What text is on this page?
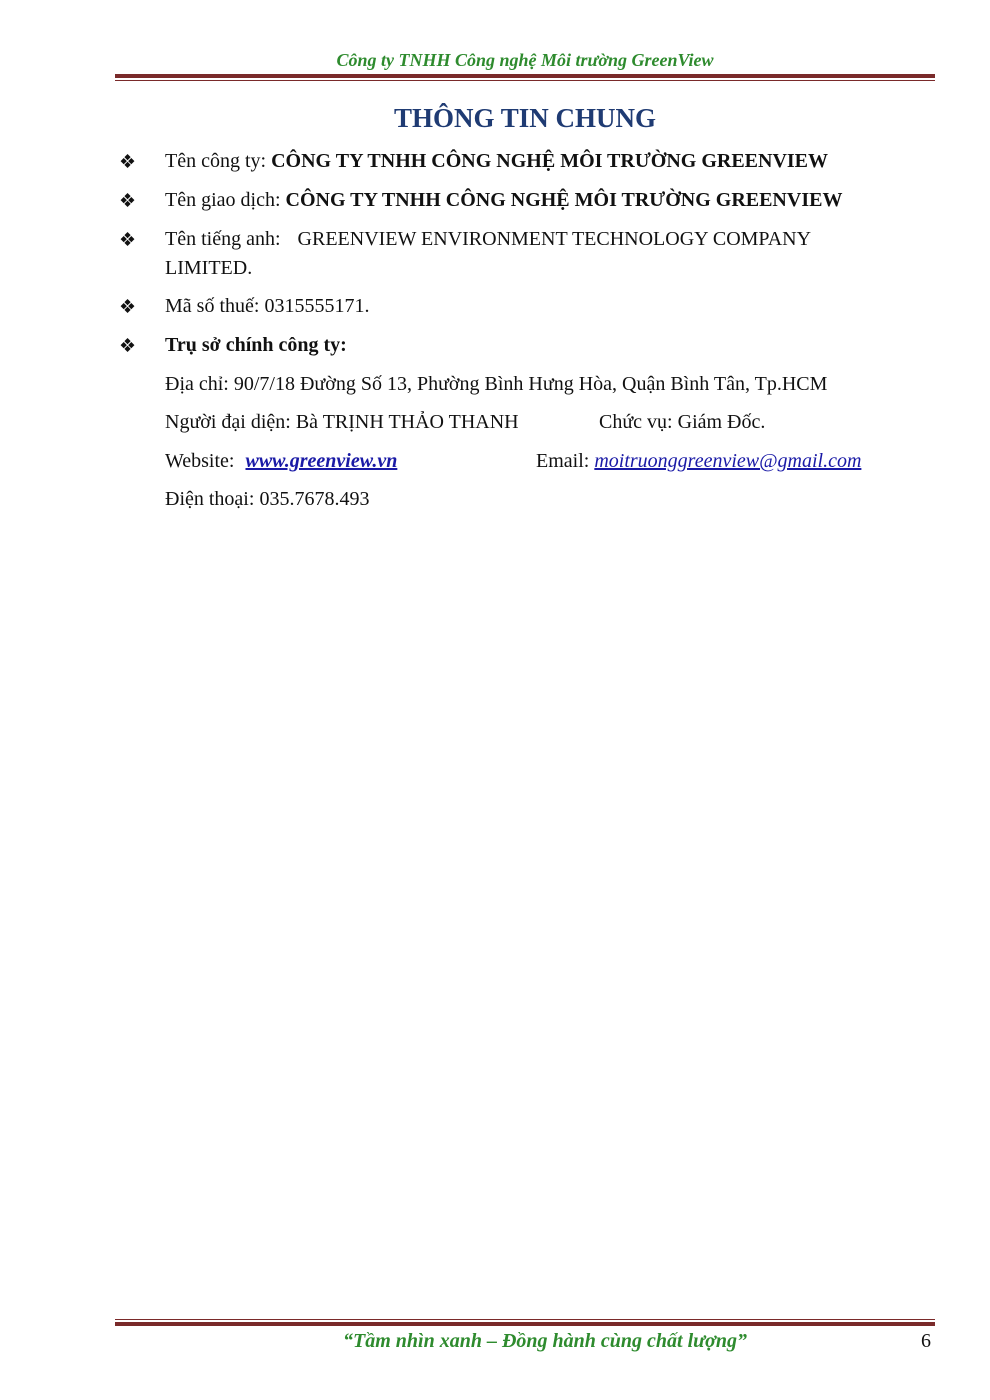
Công ty TNHH Công nghệ Môi trường GreenView
THÔNG TIN CHUNG
❖ Tên công ty: CÔNG TY TNHH CÔNG NGHỆ MÔI TRƯỜNG GREENVIEW
❖ Tên giao dịch: CÔNG TY TNHH CÔNG NGHỆ MÔI TRƯỜNG GREENVIEW
❖ Tên tiếng anh: GREENVIEW ENVIRONMENT TECHNOLOGY COMPANY
LIMITED.
❖ Mã số thuế: 0315555171.
❖ Trụ sở chính công ty:
Địa chỉ: 90/7/18 Đường Số 13, Phường Bình Hưng Hòa, Quận Bình Tân, Tp.HCM
Người đại diện: Bà TRỊNH THẢO THANH	Chức vụ: Giám Đốc.
Website: www.greenview.vn	Email: moitruonggreenview@gmail.com
Điện thoại: 035.7678.493
“Tầm nhìn xanh – Đồng hành cùng chất lượng”	6
